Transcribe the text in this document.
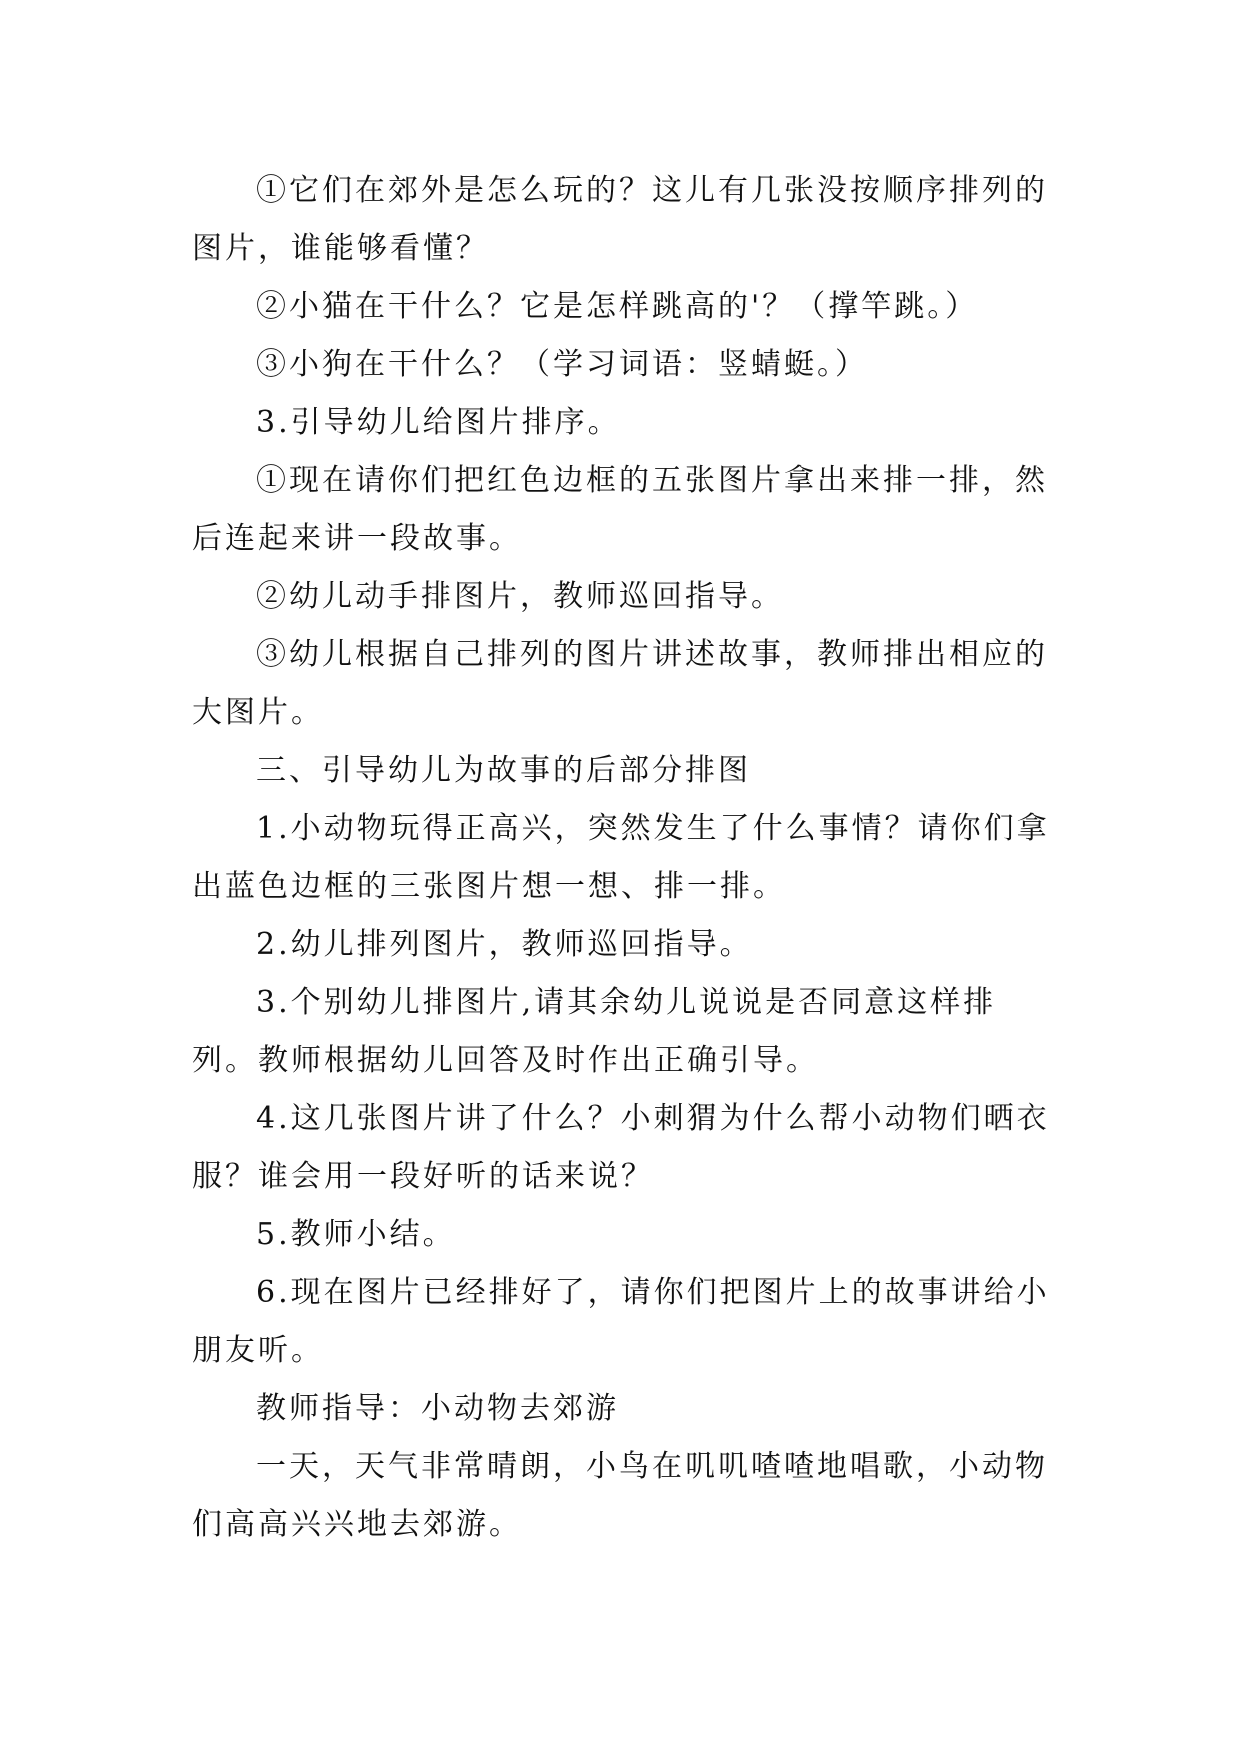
①它们在郊外是怎么玩的？这儿有几张没按顺序排列的图片，谁能够看懂？

②小猫在干什么？它是怎样跳高的'？（撑竿跳。）

③小狗在干什么？（学习词语：竖蜻蜓。）

3.引导幼儿给图片排序。

①现在请你们把红色边框的五张图片拿出来排一排，然后连起来讲一段故事。

②幼儿动手排图片，教师巡回指导。

③幼儿根据自己排列的图片讲述故事，教师排出相应的大图片。

三、引导幼儿为故事的后部分排图

1.小动物玩得正高兴，突然发生了什么事情？请你们拿出蓝色边框的三张图片想一想、排一排。

2.幼儿排列图片，教师巡回指导。

3.个别幼儿排图片,请其余幼儿说说是否同意这样排列。教师根据幼儿回答及时作出正确引导。

4.这几张图片讲了什么？小刺猬为什么帮小动物们晒衣服？谁会用一段好听的话来说？

5.教师小结。

6.现在图片已经排好了，请你们把图片上的故事讲给小朋友听。

教师指导：小动物去郊游

一天，天气非常晴朗，小鸟在叽叽喳喳地唱歌，小动物们高高兴兴地去郊游。
